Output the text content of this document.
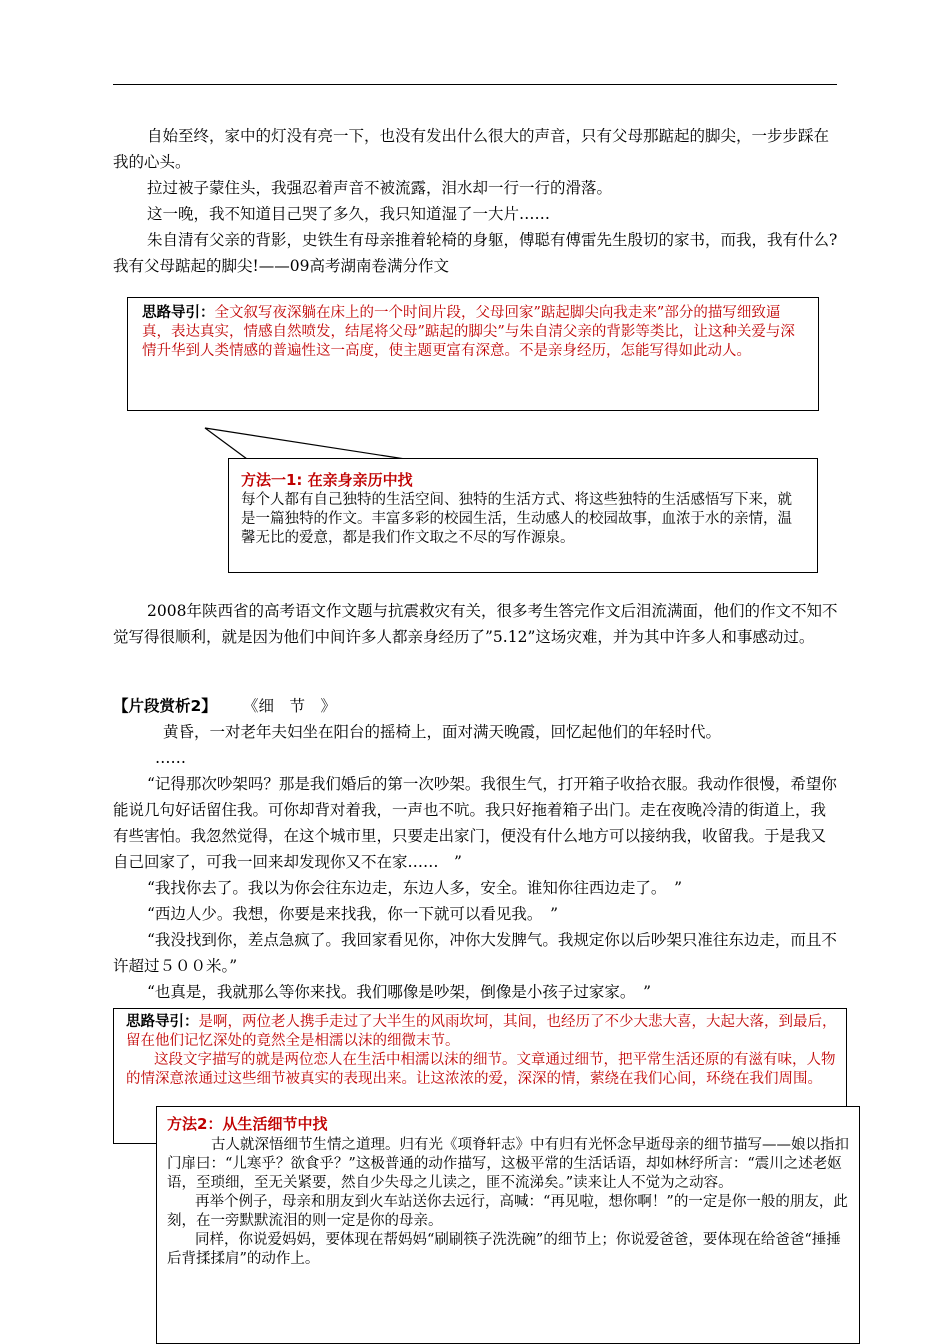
自始至终，家中的灯没有亮一下，也没有发出什么很大的声音，只有父母那踮起的脚尖，一步步踩在我的心头。
拉过被子蒙住头，我强忍着声音不被流露，泪水却一行一行的滑落。
这一晚，我不知道目己哭了多久，我只知道湿了一大片……
朱自清有父亲的背影，史铁生有母亲推着轮椅的身躯，傅聪有傅雷先生殷切的家书，而我，我有什么?我有父母踮起的脚尖!——09高考湖南卷满分作文
思路导引：全文叙写夜深躺在床上的一个时间片段，父母回家”踮起脚尖向我走来”部分的描写细致逼真，表达真实，情感自然喷发，结尾将父母”踮起的脚尖”与朱自清父亲的背影等类比，让这种关爱与深情升华到人类情感的普遍性这一高度，使主题更富有深意。不是亲身经历，怎能写得如此动人。
方法一1: 在亲身亲历中找
每个人都有自己独特的生活空间、独特的生活方式、将这些独特的生活感悟写下来，就是一篇独特的作文。丰富多彩的校园生活，生动感人的校园故事，血浓于水的亲情，温馨无比的爱意，都是我们作文取之不尽的写作源泉。
2008年陕西省的高考语文作文题与抗震救灾有关，很多考生答完作文后泪流满面，他们的作文不知不觉写得很顺利，就是因为他们中间许多人都亲身经历了”5.12”这场灾难，并为其中许多人和事感动过。
【片段赏析2】 《细　节　》
黄昏，一对老年夫妇坐在阳台的摇椅上，面对满天晚霞，回忆起他们的年轻时代。
……
“记得那次吵架吗？那是我们婚后的第一次吵架。我很生气，打开箱子收拾衣服。我动作很慢，希望你能说几句好话留住我。可你却背对着我，一声也不吭。我只好拖着箱子出门。走在夜晚冷清的街道上，我有些害怕。我忽然觉得，在这个城市里，只要走出家门，便没有什么地方可以接纳我，收留我。于是我又自己回家了，可我一回来却发现你又不在家……　”
“我找你去了。我以为你会往东边走，东边人多，安全。谁知你往西边走了。　”
“西边人少。我想，你要是来找我，你一下就可以看见我。　”
“我没找到你，差点急疯了。我回家看见你，冲你大发脾气。我规定你以后吵架只准往东边走，而且不许超过５００米。”
“也真是，我就那么等你来找。我们哪像是吵架，倒像是小孩子过家家。　”
思路导引：是啊，两位老人携手走过了大半生的风雨坎坷，其间，也经历了不少大悲大喜，大起大落，到最后，留在他们记忆深处的竟然全是相濡以沫的细微末节。
这段文字描写的就是两位恋人在生活中相濡以沫的细节。文章通过细节，把平常生活还原的有滋有味，人物的情深意浓通过这些细节被真实的表现出来。让这浓浓的爱，深深的情，萦绕在我们心间，环绕在我们周围。
方法2：从生活细节中找
古人就深悟细节生情之道理。归有光《项脊轩志》中有归有光怀念早逝母亲的细节描写——娘以指扣门扉曰：“儿寒乎？欲食乎？”这极普通的动作描写，这极平常的生活话语，却如林纾所言：“震川之述老妪语，至琐细，至无关紧要，然自少失母之儿读之，匪不流涕矣。”读来让人不觉为之动容。
再举个例子，母亲和朋友到火车站送你去远行，高喊：“再见啦，想你啊！”的一定是你一般的朋友，此刻，在一旁默默流泪的则一定是你的母亲。
同样，你说爱妈妈，要体现在帮妈妈“刷刷筷子洗洗碗”的细节上；你说爱爸爸，要体现在给爸爸“捶捶后背揉揉肩”的动作上。
